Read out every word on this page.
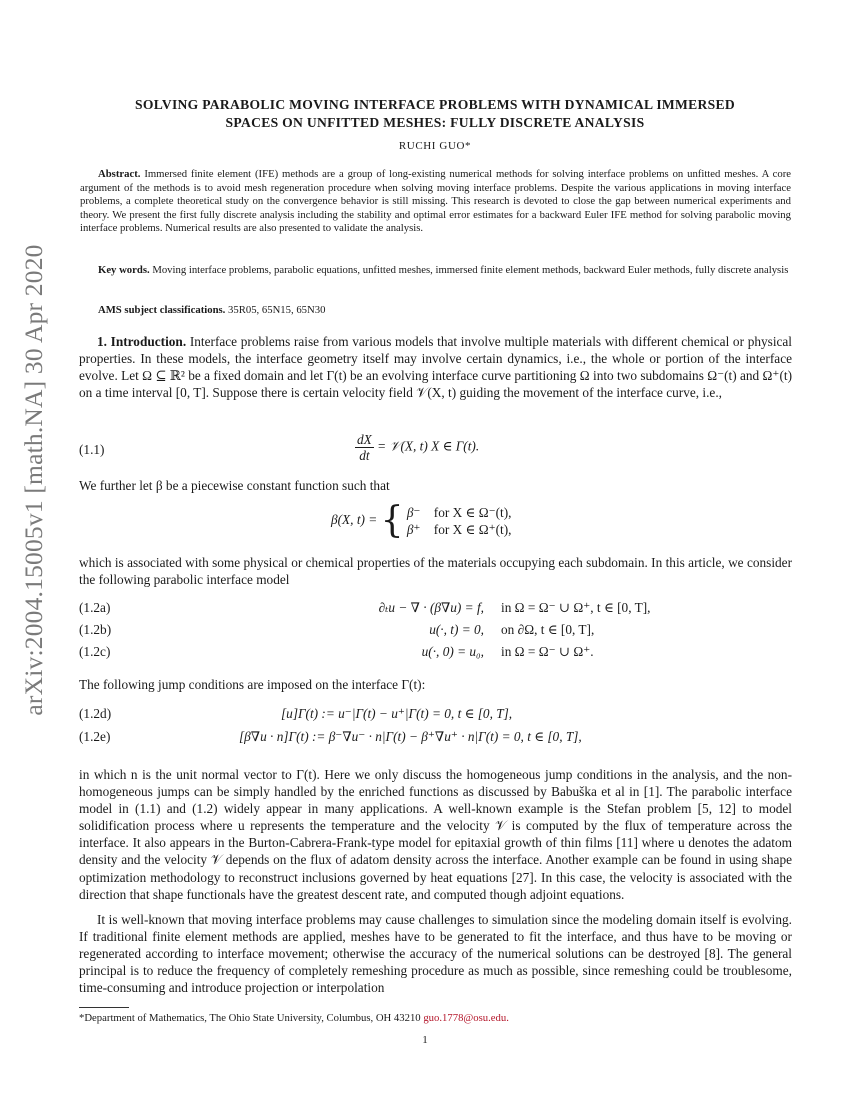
arXiv:2004.15005v1 [math.NA] 30 Apr 2020
SOLVING PARABOLIC MOVING INTERFACE PROBLEMS WITH DYNAMICAL IMMERSED
SPACES ON UNFITTED MESHES: FULLY DISCRETE ANALYSIS
RUCHI GUO*
Abstract. Immersed finite element (IFE) methods are a group of long-existing numerical methods for solving interface problems on unfitted meshes. A core argument of the methods is to avoid mesh regeneration procedure when solving moving interface problems. Despite the various applications in moving interface problems, a complete theoretical study on the convergence behavior is still missing. This research is devoted to close the gap between numerical experiments and theory. We present the first fully discrete analysis including the stability and optimal error estimates for a backward Euler IFE method for solving parabolic moving interface problems. Numerical results are also presented to validate the analysis.
Key words. Moving interface problems, parabolic equations, unfitted meshes, immersed finite element methods, backward Euler methods, fully discrete analysis
AMS subject classifications. 35R05, 65N15, 65N30

1. Introduction. Interface problems raise from various models that involve multiple materials with different chemical or physical properties. In these models, the interface geometry itself may involve certain dynamics, i.e., the whole or portion of the interface evolve. Let Ω ⊆ ℝ² be a fixed domain and let Γ(t) be an evolving interface curve partitioning Ω into two subdomains Ω⁻(t) and Ω⁺(t) on a time interval [0, T]. Suppose there is certain velocity field 𝒱(X, t) guiding the movement of the interface curve, i.e.,

(1.1)	$\frac{dX}{dt}$ = 𝒱(X, t) X ∈ Γ(t).

We further let β be a piecewise constant function such that

β(X, t) = { β⁻ for X ∈ Ω⁻(t),
β⁺ for X ∈ Ω⁺(t),

which is associated with some physical or chemical properties of the materials occupying each subdomain. In this article, we consider the following parabolic interface model

(1.2a)	∂ₜu − ∇ · (β∇u) = f, in Ω = Ω⁻ ∪ Ω⁺, t ∈ [0, T],
(1.2b)	u(·, t) = 0, on ∂Ω, t ∈ [0, T],
(1.2c)	u(·, 0) = u₀, in Ω = Ω⁻ ∪ Ω⁺.

The following jump conditions are imposed on the interface Γ(t):

(1.2d)	[u]Γ(t) := u⁻|Γ(t) − u⁺|Γ(t) = 0, t ∈ [0, T],
(1.2e)	[β∇u · n]Γ(t) := β⁻∇u⁻ · n|Γ(t) − β⁺∇u⁺ · n|Γ(t) = 0, t ∈ [0, T],

in which n is the unit normal vector to Γ(t). Here we only discuss the homogeneous jump conditions in the analysis, and the non-homogeneous jumps can be simply handled by the enriched functions as discussed by Babuška et al in [1]. The parabolic interface model in (1.1) and (1.2) widely appear in many applications. A well-known example is the Stefan problem [5, 12] to model solidification process where u represents the temperature and the velocity 𝒱 is computed by the flux of temperature across the interface. It also appears in the Burton-Cabrera-Frank-type model for epitaxial growth of thin films [11] where u denotes the adatom density and the velocity 𝒱 depends on the flux of adatom density across the interface. Another example can be found in using shape optimization methodology to reconstruct inclusions governed by heat equations [27]. In this case, the velocity is associated with the direction that shape functionals have the greatest descent rate, and computed though adjoint equations.

It is well-known that moving interface problems may cause challenges to simulation since the modeling domain itself is evolving. If traditional finite element methods are applied, meshes have to be generated to fit the interface, and thus have to be moving or regenerated according to interface movement; otherwise the accuracy of the numerical solutions can be destroyed [8]. The general principal is to reduce the frequency of completely remeshing procedure as much as possible, since remeshing could be troublesome, time-consuming and introduce projection or interpolation

*Department of Mathematics, The Ohio State University, Columbus, OH 43210 guo.1778@osu.edu.
1
